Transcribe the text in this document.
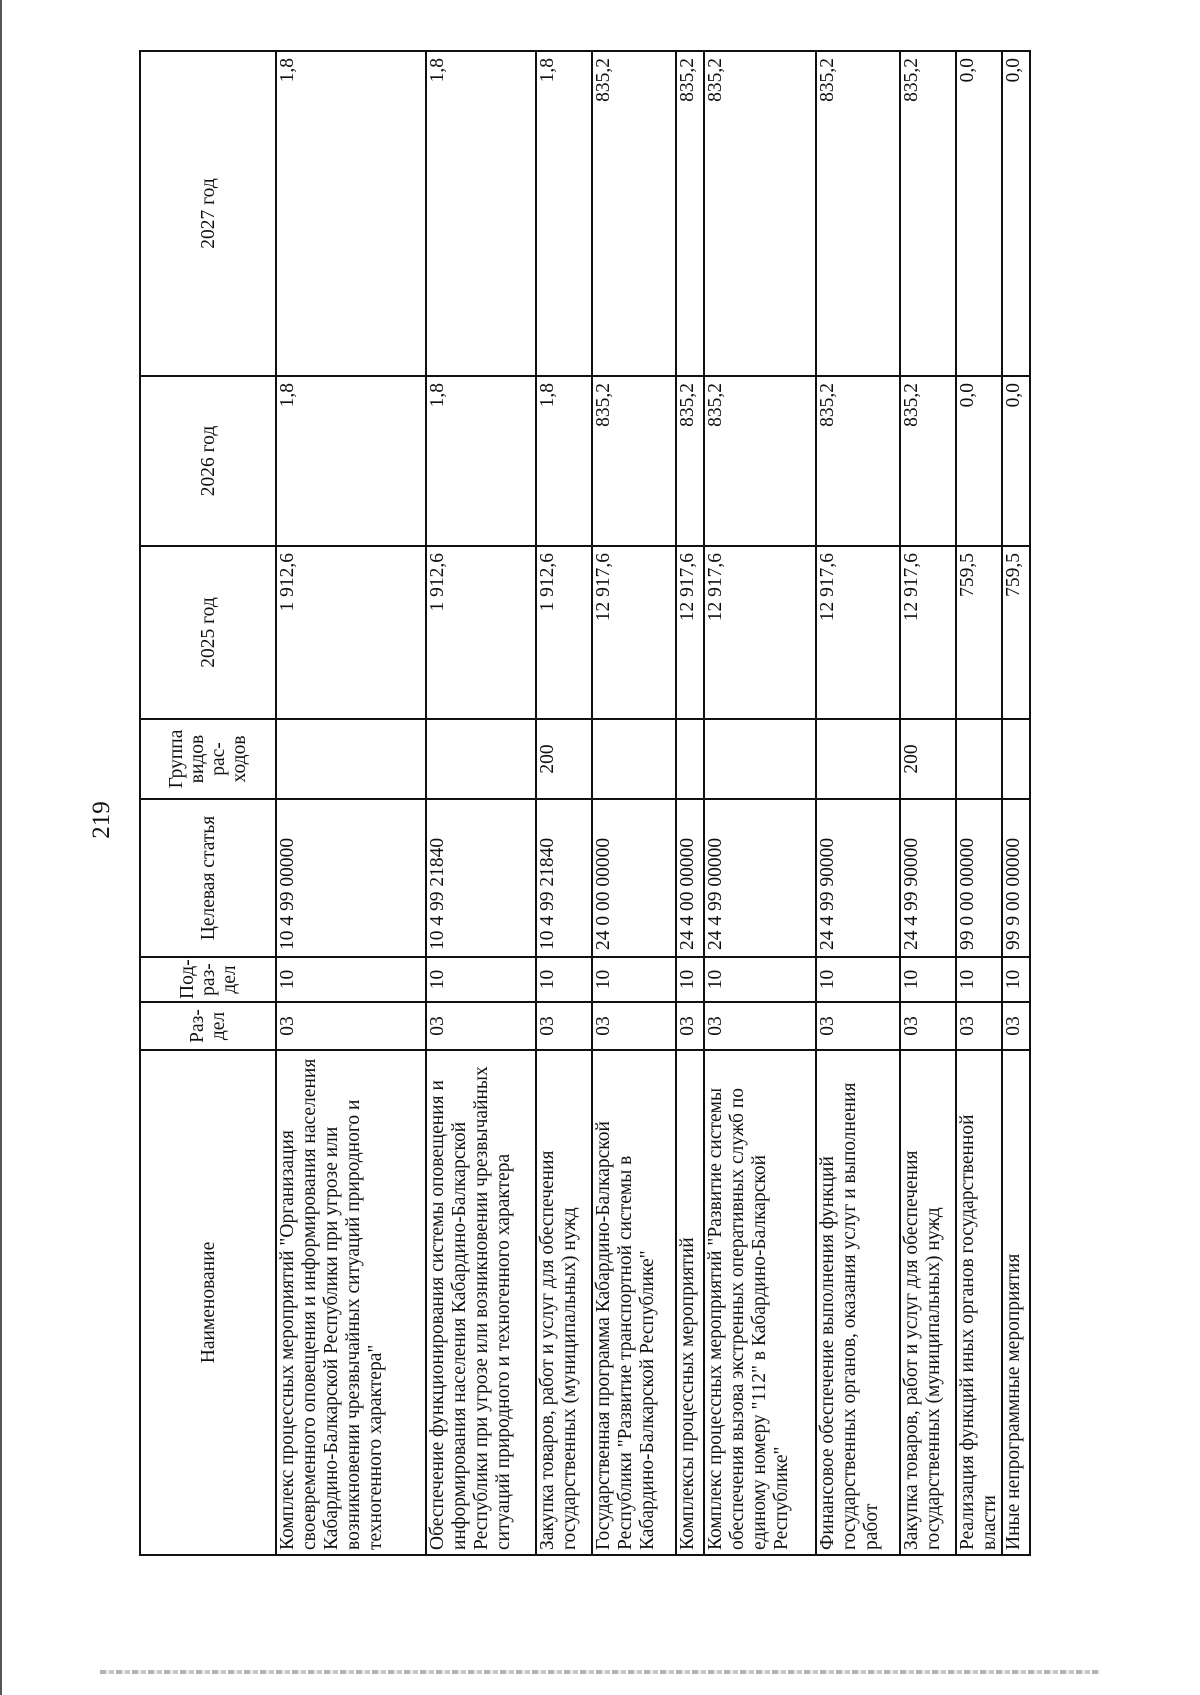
219
Наименование	Раз-дел	Под-раз-дел	Целевая статья	Группа видов рас-ходов	2025 год	2026 год	2027 год
Комплекс процессных мероприятий "Организация своевременного оповещения и информирования населения Кабардино-Балкарской Республики при угрозе или возникновении чрезвычайных ситуаций природного и техногенного характера"	03	10	10 4 99 00000		1 912,6	1,8	1,8
Обеспечение функционирования системы оповещения и информирования населения Кабардино-Балкарской Республики при угрозе или возникновении чрезвычайных ситуаций природного и техногенного характера	03	10	10 4 99 21840		1 912,6	1,8	1,8
Закупка товаров, работ и услуг для обеспечения государственных (муниципальных) нужд	03	10	10 4 99 21840	200	1 912,6	1,8	1,8
Государственная программа Кабардино-Балкарской Республики "Развитие транспортной системы в Кабардино-Балкарской Республике"	03	10	24 0 00 00000		12 917,6	835,2	835,2
Комплексы процессных мероприятий	03	10	24 4 00 00000		12 917,6	835,2	835,2
Комплекс процессных мероприятий "Развитие системы обеспечения вызова экстренных оперативных служб по единому номеру "112" в Кабардино-Балкарской Республике"	03	10	24 4 99 00000		12 917,6	835,2	835,2
Финансовое обеспечение выполнения функций государственных органов, оказания услуг и выполнения работ	03	10	24 4 99 90000		12 917,6	835,2	835,2
Закупка товаров, работ и услуг для обеспечения государственных (муниципальных) нужд	03	10	24 4 99 90000	200	12 917,6	835,2	835,2
Реализация функций иных органов государственной власти	03	10	99 0 00 00000		759,5	0,0	0,0
Иные непрограммные мероприятия	03	10	99 9 00 00000		759,5	0,0	0,0
